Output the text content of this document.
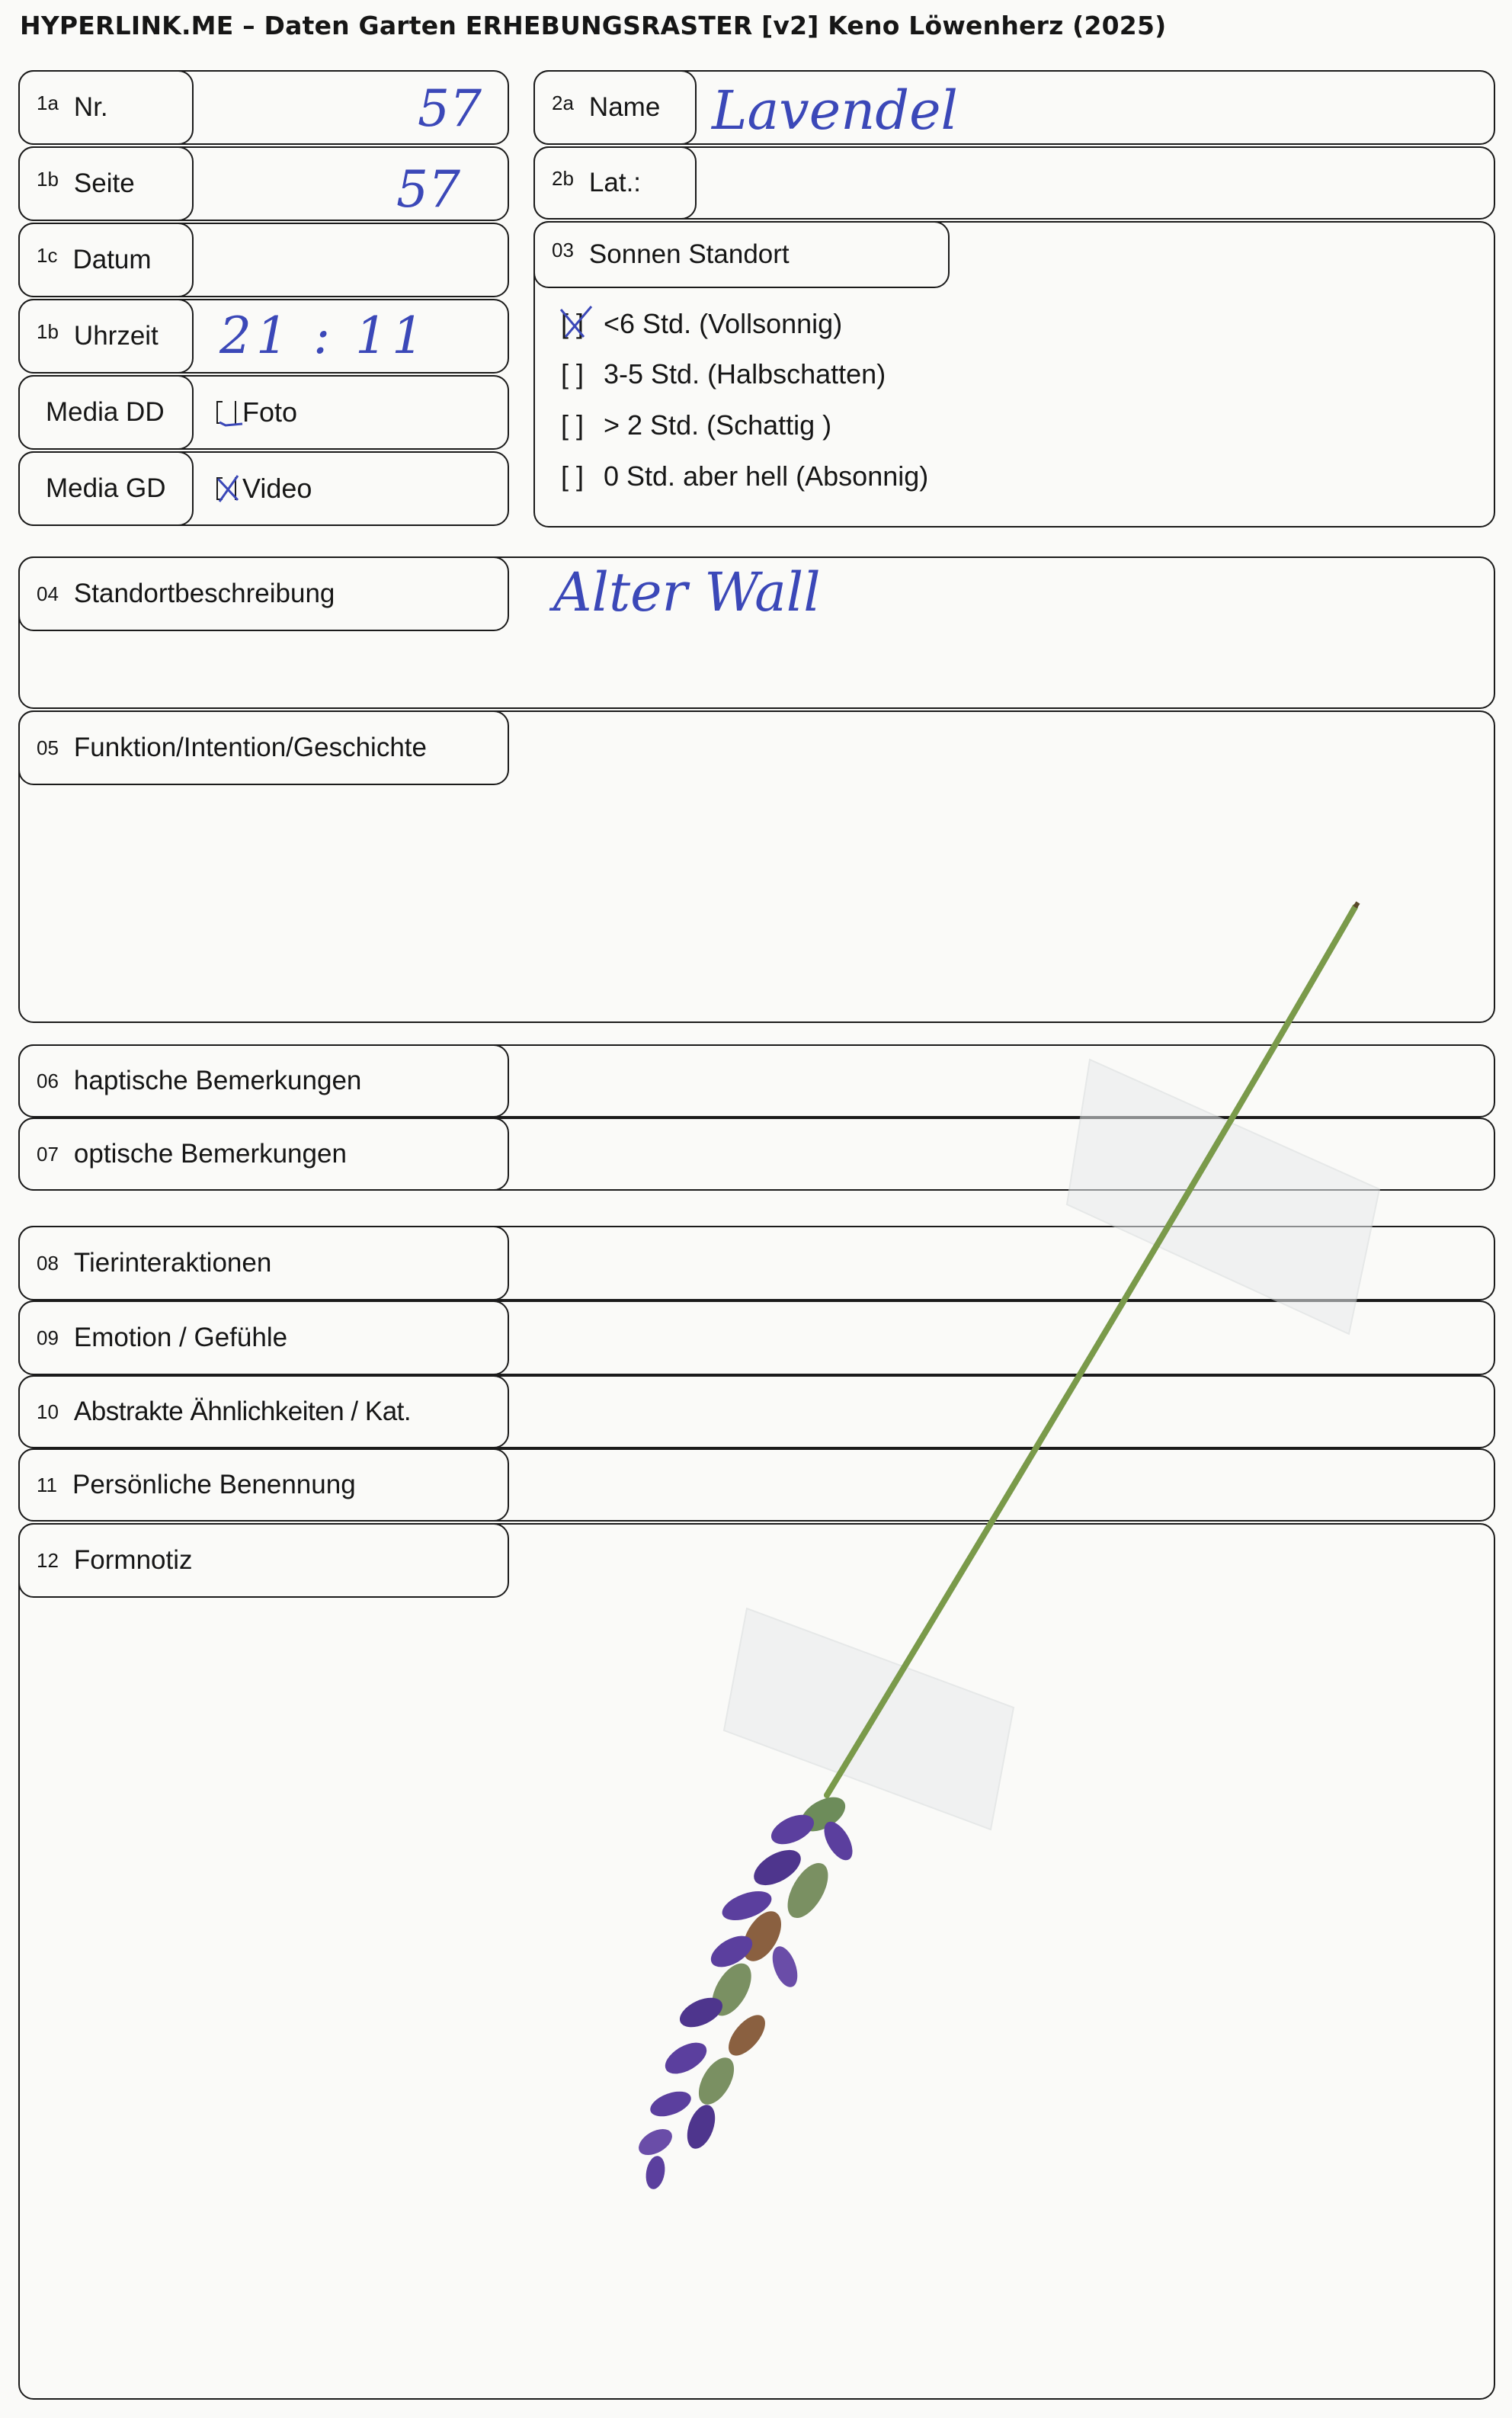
HYPERLINK.ME – Daten Garten ERHEBUNGSRASTER [v2] Keno Löwenherz (2025)
1a Nr.	57
1b Seite	57
1c Datum
1b Uhrzeit 21 : 11
Media DD	Foto
Media GD	Video
2a Name Lavendel
2b Lat.:
03 Sonnen Standort
[ ] <6 Std. (Vollsonnig)
[ ] 3-5 Std. (Halbschatten)
[ ] > 2 Std. (Schattig )
[ ] 0 Std. aber hell (Absonnig)
04 Standortbeschreibung	Alter Wall
05 Funktion/Intention/Geschichte
06 haptische Bemerkungen
07 optische Bemerkungen
08 Tierinteraktionen
09 Emotion / Gefühle
10 Abstrakte Ähnlichkeiten / Kat.
11 Persönliche Benennung
12 Formnotiz
